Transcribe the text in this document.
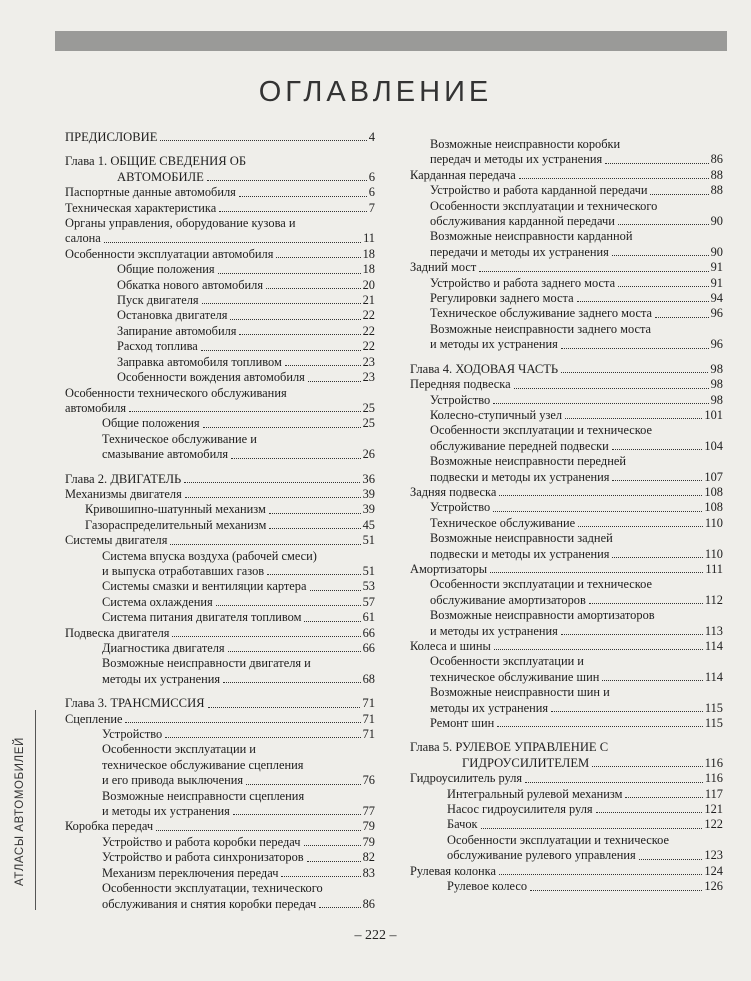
ОГЛАВЛЕНИЕ
ПРЕДИСЛОВИЕ	4
Глава 1. ОБЩИЕ СВЕДЕНИЯ ОБ
АВТОМОБИЛЕ	6
Паспортные данные автомобиля	6
Техническая характеристика	7
Органы управления, оборудование кузова и
салона	11
Особенности эксплуатации автомобиля	18
Общие положения	18
Обкатка нового автомобиля	20
Пуск двигателя	21
Остановка двигателя	22
Запирание автомобиля	22
Расход топлива	22
Заправка автомобиля топливом	23
Особенности вождения автомобиля	23
Особенности технического обслуживания
автомобиля	25
Общие положения	25
Техническое обслуживание и
смазывание автомобиля	26
Глава 2. ДВИГАТЕЛЬ	36
Механизмы двигателя	39
Кривошипно-шатунный механизм	39
Газораспределительный механизм	45
Системы двигателя	51
Система впуска воздуха (рабочей смеси)
и выпуска отработавших газов	51
Системы смазки и вентиляции картера	53
Система охлаждения	57
Система питания двигателя топливом	61
Подвеска двигателя	66
Диагностика двигателя	66
Возможные неисправности двигателя и
методы их устранения	68
Глава 3. ТРАНСМИССИЯ	71
Сцепление	71
Устройство	71
Особенности эксплуатации и
техническое обслуживание сцепления
и его привода выключения	76
Возможные неисправности сцепления
и методы их устранения	77
Коробка передач	79
Устройство и работа коробки передач	79
Устройство и работа синхронизаторов	82
Механизм переключения передач	83
Особенности эксплуатации, технического
обслуживания и снятия коробки передач	86
Возможные неисправности коробки
передач и методы их устранения	86
Карданная передача	88
Устройство и работа карданной передачи	88
Особенности эксплуатации и технического
обслуживания карданной передачи	90
Возможные неисправности карданной
передачи и методы их устранения	90
Задний мост	91
Устройство и работа заднего моста	91
Регулировки заднего моста	94
Техническое обслуживание заднего моста	96
Возможные неисправности заднего моста
и методы их устранения	96
Глава 4. ХОДОВАЯ ЧАСТЬ	98
Передняя подвеска	98
Устройство	98
Колесно-ступичный узел	101
Особенности эксплуатации и техническое
обслуживание передней подвески	104
Возможные неисправности передней
подвески и методы их устранения	107
Задняя подвеска	108
Устройство	108
Техническое обслуживание	110
Возможные неисправности задней
подвески и методы их устранения	110
Амортизаторы	111
Особенности эксплуатации и техническое
обслуживание амортизаторов	112
Возможные неисправности амортизаторов
и методы их устранения	113
Колеса и шины	114
Особенности эксплуатации и
техническое обслуживание шин	114
Возможные неисправности шин и
методы их устранения	115
Ремонт шин	115
Глава 5. РУЛЕВОЕ УПРАВЛЕНИЕ С
ГИДРОУСИЛИТЕЛЕМ	116
Гидроусилитель руля	116
Интегральный рулевой механизм	117
Насос гидроусилителя руля	121
Бачок	122
Особенности эксплуатации и техническое
обслуживание рулевого управления	123
Рулевая колонка	124
Рулевое колесо	126
АТЛАСЫ АВТОМОБИЛЕЙ
– 222 –
